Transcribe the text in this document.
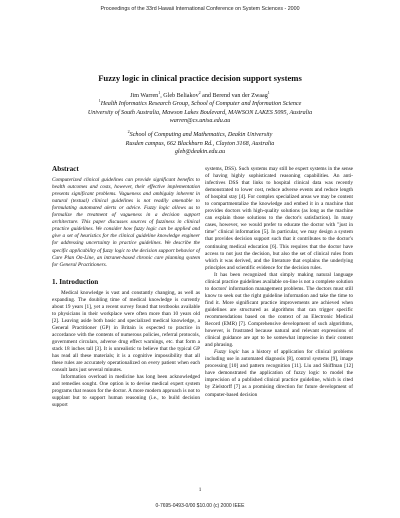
Proceedings of the 33rd Hawaii International Conference on System Sciences - 2000
Fuzzy logic in clinical practice decision support systems
Jim Warren$^1$, Gleb Beliakov$^2$ and Berend van der Zwaag$^1$
$^1$Health Informatics Research Group, School of Computer and Information Science
University of South Australia, Mawson Lakes Boulevard, MAWSON LAKES 5095, Australia
warren@cs.unisa.edu.au
$^2$School of Computing and Mathematics, Deakin University
Rusden campus, 662 Blackburn Rd., Clayton 3168, Australia
gleb@deakin.edu.au
Abstract

Computerized clinical guidelines can provide significant benefits to health outcomes and costs, however, their effective implementation presents significant problems. Vagueness and ambiguity inherent in natural (textual) clinical guidelines is not readily amenable to formulating automated alerts or advice. Fuzzy logic allows us to formalize the treatment of vagueness in a decision support architecture. This paper discusses sources of fuzziness in clinical practice guidelines. We consider how fuzzy logic can be applied and give a set of heuristics for the clinical guideline knowledge engineer for addressing uncertainty in practice guidelines. We describe the specific applicability of fuzzy logic to the decision support behavior of Care Plan On-Line, an intranet-based chronic care planning system for General Practitioners.

1. Introduction

Medical knowledge is vast and constantly changing, as well as expanding. The doubling time of medical knowledge is currently about 19 years [1], yet a recent survey found that textbooks available to physicians in their workplace were often more than 10 years old [2]. Leaving aside both basic and specialized medical knowledge, a General Practitioner (GP) in Britain is expected to practice in accordance with the contents of numerous policies, referral protocols, government circulars, adverse drug effect warnings, etc. that form a stack 18 inches tall [3]. It is unrealistic to believe that the typical GP has read all these materials; it is a cognitive impossibility that all these rules are accurately operationalized on every patient when each consult lasts just several minutes.

Information overload in medicine has long been acknowledged and remedies sought. One option is to devise medical expert system programs that reason for the doctor. A more modern approach is not to supplant but to support human reasoning (i.e., to build decision support

systems, DSS). Such systems may still be expert systems in the sense of having highly sophisticated reasoning capabilities. An anti-infectives DSS that links to hospital clinical data was recently demonstrated to lower cost, reduce adverse events and reduce length of hospital stay [4]. For complex specialized areas we may be content to compartmentalize the knowledge and embed it in a machine that provides doctors with high-quality solutions (as long as the machine can explain those solutions to the doctor's satisfaction). In many cases, however, we would prefer to educate the doctor with "just in time" clinical information [5]. In particular, we may design a system that provides decision support such that it contributes to the doctor's continuing medical education [6]. This requires that the doctor have access to not just the decision, but also the set of clinical rules from which it was derived, and the literature that explains the underlying principles and scientific evidence for the decision rules.

It has been recognized that simply making natural language clinical practice guidelines available on-line is not a complete solution to doctors' information management problems. The doctors must still know to seek out the right guideline information and take the time to find it. More significant practice improvements are achieved when guidelines are structured as algorithms that can trigger specific recommendations based on the context of an Electronic Medical Record (EMR) [7]. Comprehensive development of such algorithms, however, is frustrated because natural and relevant expressions of clinical guidance are apt to be somewhat imprecise in their content and phrasing.

Fuzzy logic has a history of application for clinical problems including use in automated diagnosis [8], control systems [9], image processing [10] and pattern recognition [11]. Liu and Shiffman [12] have demonstrated the application of fuzzy logic to model the imprecision of a published clinical practice guideline, which is cited by Zielstorff [7] as a promising direction for future development of computer-based decision

1
0-7695-0493-0/00 $10.00 (c) 2000 IEEE
